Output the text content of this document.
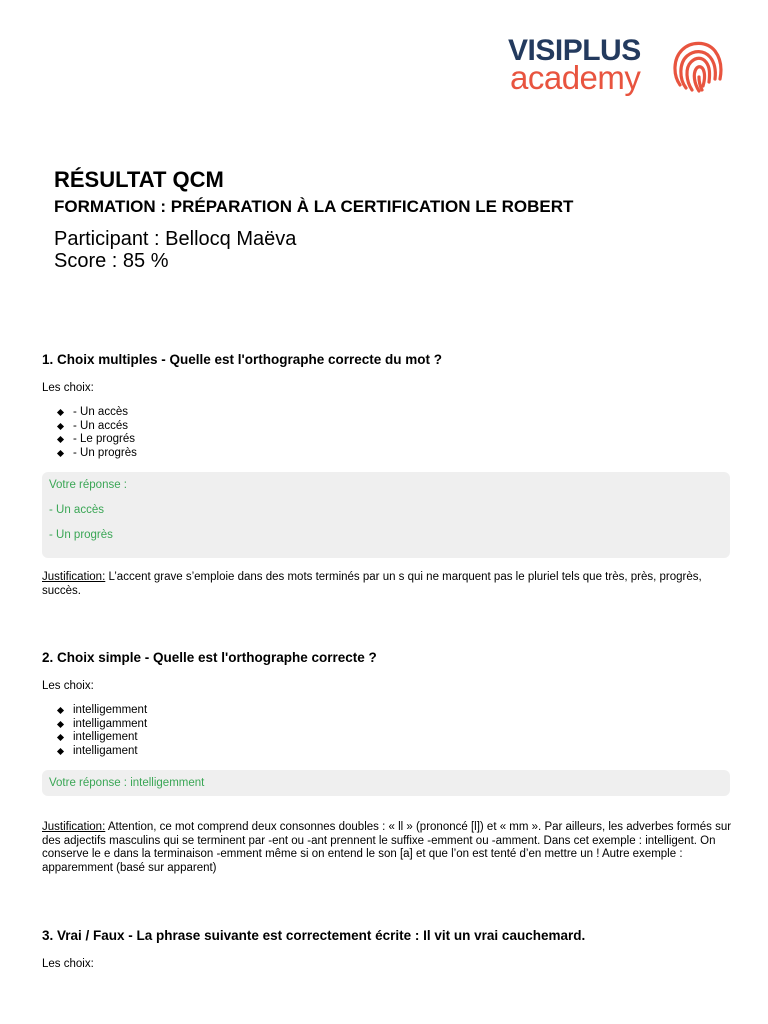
VISIPLUS
academy
RÉSULTAT QCM
FORMATION : PRÉPARATION À LA CERTIFICATION LE ROBERT
Participant : Bellocq Maëva
Score : 85 %
1. Choix multiples - Quelle est l'orthographe correcte du mot ?
Les choix:
- Un accès
- Un accés
- Le progrés
- Un progrès
Votre réponse :
- Un accès
- Un progrès
Justification: L’accent grave s’emploie dans des mots terminés par un s qui ne marquent pas le pluriel tels que très, près, progrès, succès.
2. Choix simple - Quelle est l'orthographe correcte ?
Les choix:
intelligemment
intelligamment
intelligement
intelligament
Votre réponse : intelligemment
Justification: Attention, ce mot comprend deux consonnes doubles : « ll » (prononcé [l]) et « mm ». Par ailleurs, les adverbes formés sur des adjectifs masculins qui se terminent par -ent ou -ant prennent le suffixe -emment ou -amment. Dans cet exemple : intelligent. On conserve le e dans la terminaison -emment même si on entend le son [a] et que l’on est tenté d’en mettre un ! Autre exemple : apparemment (basé sur apparent)
3. Vrai / Faux - La phrase suivante est correctement écrite : Il vit un vrai cauchemard.
Les choix:
